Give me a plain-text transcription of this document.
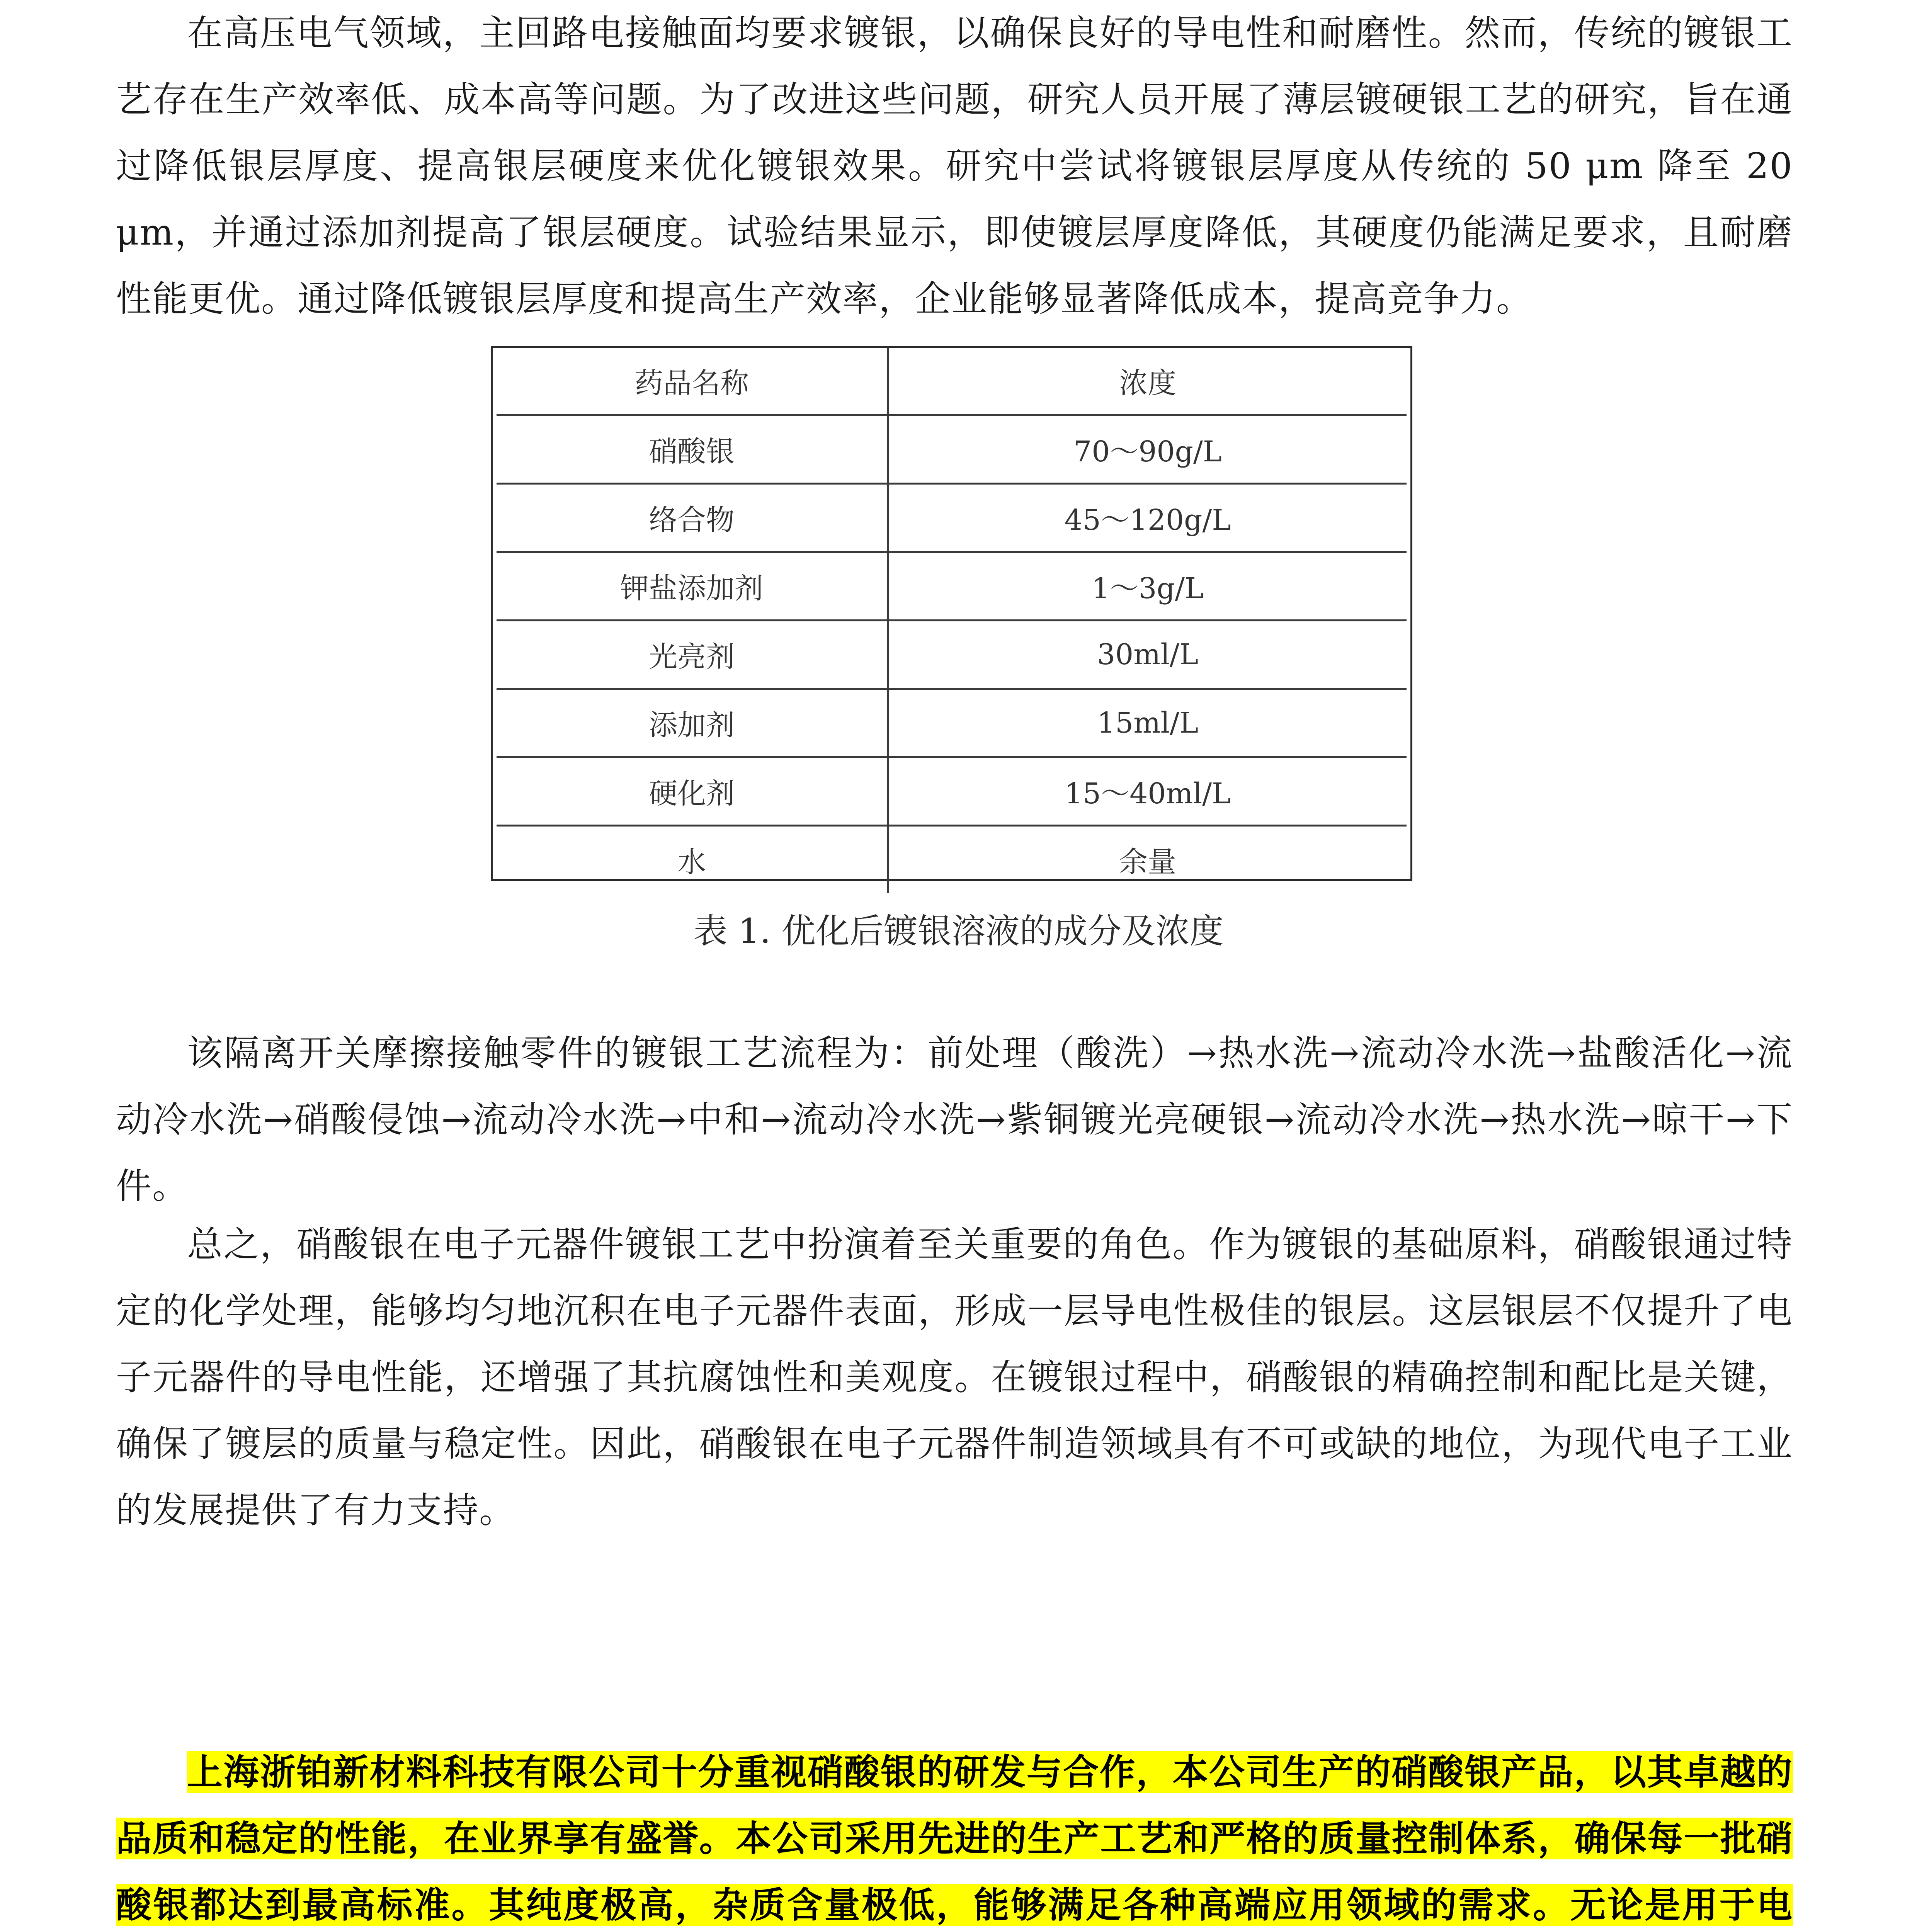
在高压电气领域，主回路电接触面均要求镀银，以确保良好的导电性和耐磨性。然而，传统的镀银工艺存在生产效率低、成本高等问题。为了改进这些问题，研究人员开展了薄层镀硬银工艺的研究，旨在通过降低银层厚度、提高银层硬度来优化镀银效果。研究中尝试将镀银层厚度从传统的 50 μm 降至 20 μm，并通过添加剂提高了银层硬度。试验结果显示，即使镀层厚度降低，其硬度仍能满足要求，且耐磨性能更优。通过降低镀银层厚度和提高生产效率，企业能够显著降低成本，提高竞争力。

药品名称	浓度
硝酸银	70～90g/L
络合物	45～120g/L
钾盐添加剂	1～3g/L
光亮剂	30ml/L
添加剂	15ml/L
硬化剂	15～40ml/L
水	余量
表 1. 优化后镀银溶液的成分及浓度

该隔离开关摩擦接触零件的镀银工艺流程为：前处理（酸洗）→热水洗→流动冷水洗→盐酸活化→流动冷水洗→硝酸侵蚀→流动冷水洗→中和→流动冷水洗→紫铜镀光亮硬银→流动冷水洗→热水洗→晾干→下件。

总之，硝酸银在电子元器件镀银工艺中扮演着至关重要的角色。作为镀银的基础原料，硝酸银通过特定的化学处理，能够均匀地沉积在电子元器件表面，形成一层导电性极佳的银层。这层银层不仅提升了电子元器件的导电性能，还增强了其抗腐蚀性和美观度。在镀银过程中，硝酸银的精确控制和配比是关键，确保了镀层的质量与稳定性。因此，硝酸银在电子元器件制造领域具有不可或缺的地位，为现代电子工业的发展提供了有力支持。

上海浙铂新材料科技有限公司十分重视硝酸银的研发与合作，本公司生产的硝酸银产品，以其卓越的品质和稳定的性能，在业界享有盛誉。本公司采用先进的生产工艺和严格的质量控制体系，确保每一批硝酸银都达到最高标准。其纯度极高，杂质含量极低，能够满足各种高端应用领域的需求。无论是用于电
